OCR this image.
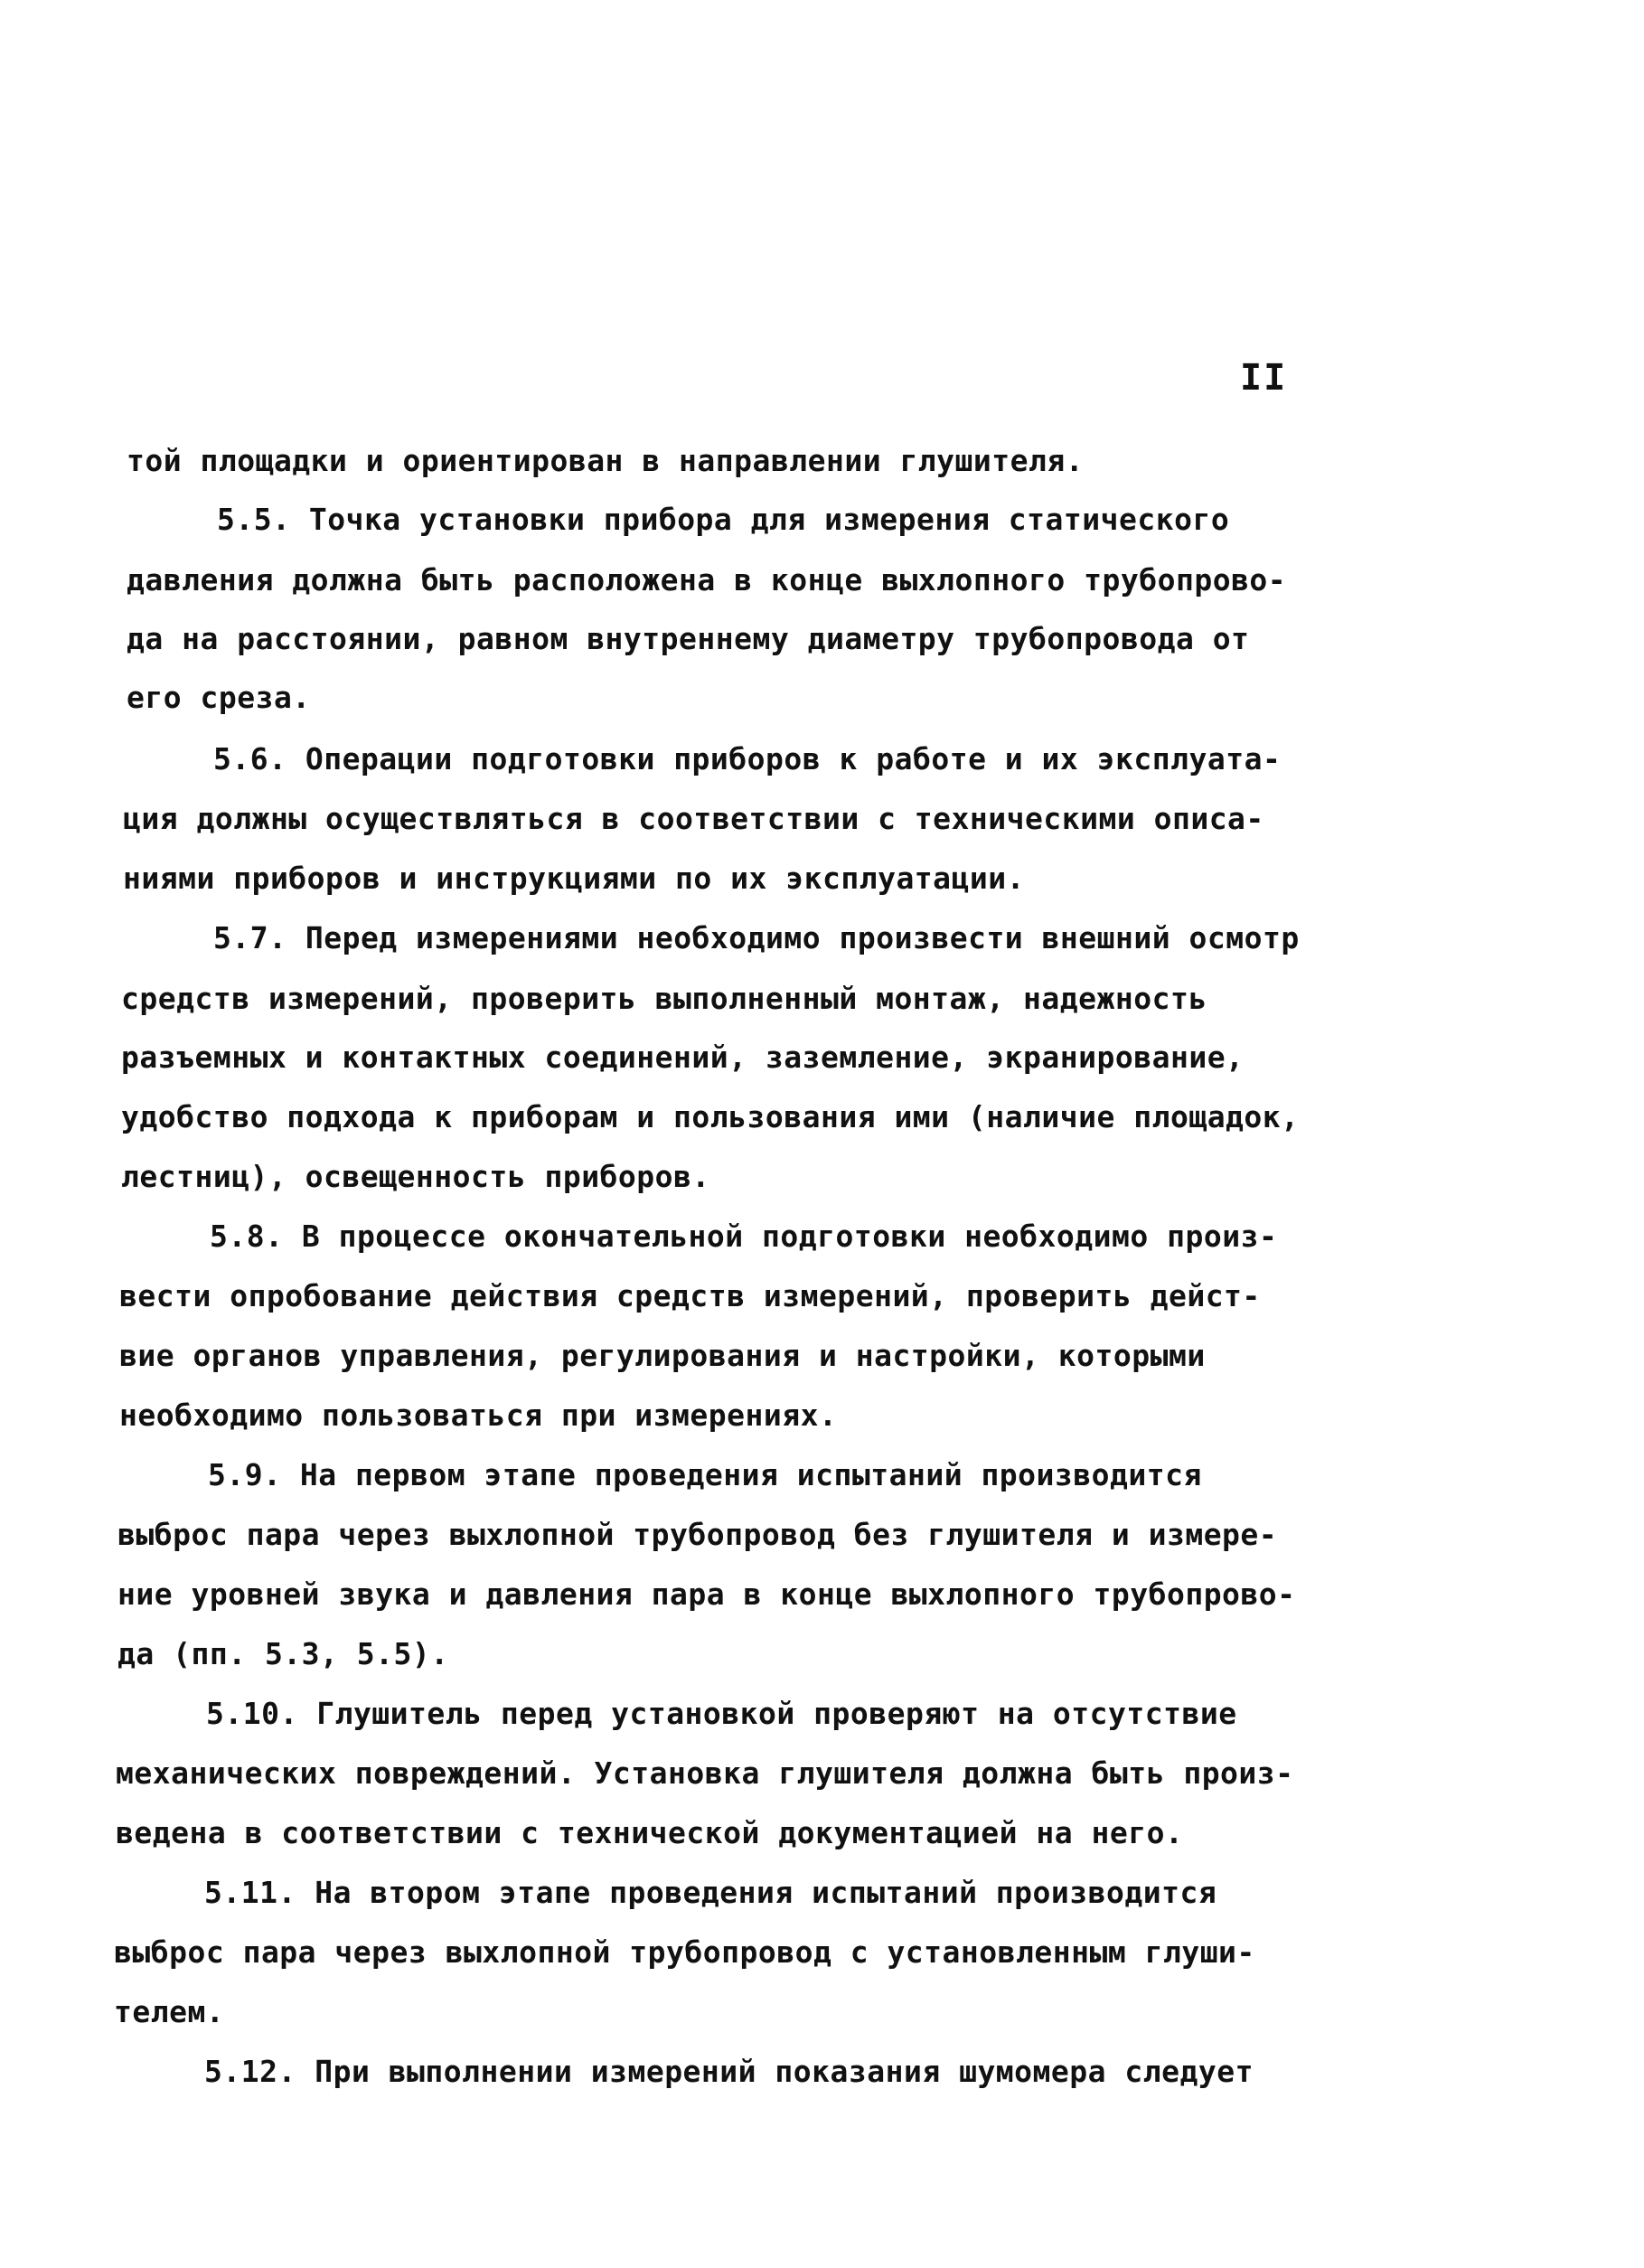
II
той площадки и ориентирован в направлении глушителя.
5.5. Точка установки прибора для измерения статического
давления должна быть расположена в конце выхлопного трубопрово-
да на расстоянии, равном внутреннему диаметру трубопровода от
его среза.
5.6. Операции подготовки приборов к работе и их эксплуата-
ция должны осуществляться в соответствии с техническими описа-
ниями приборов и инструкциями по их эксплуатации.
5.7. Перед измерениями необходимо произвести внешний осмотр
средств измерений, проверить выполненный монтаж, надежность
разъемных и контактных соединений, заземление, экранирование,
удобство подхода к приборам и пользования ими (наличие площадок,
лестниц), освещенность приборов.
5.8. В процессе окончательной подготовки необходимо произ-
вести опробование действия средств измерений, проверить дейст-
вие органов управления, регулирования и настройки, которыми
необходимо пользоваться при измерениях.
5.9. На первом этапе проведения испытаний производится
выброс пара через выхлопной трубопровод без глушителя и измере-
ние уровней звука и давления пара в конце выхлопного трубопрово-
да (пп. 5.3, 5.5).
5.10. Глушитель перед установкой проверяют на отсутствие
механических повреждений. Установка глушителя должна быть произ-
ведена в соответствии с технической документацией на него.
5.11. На втором этапе проведения испытаний производится
выброс пара через выхлопной трубопровод с установленным глуши-
телем.
5.12. При выполнении измерений показания шумомера следует
